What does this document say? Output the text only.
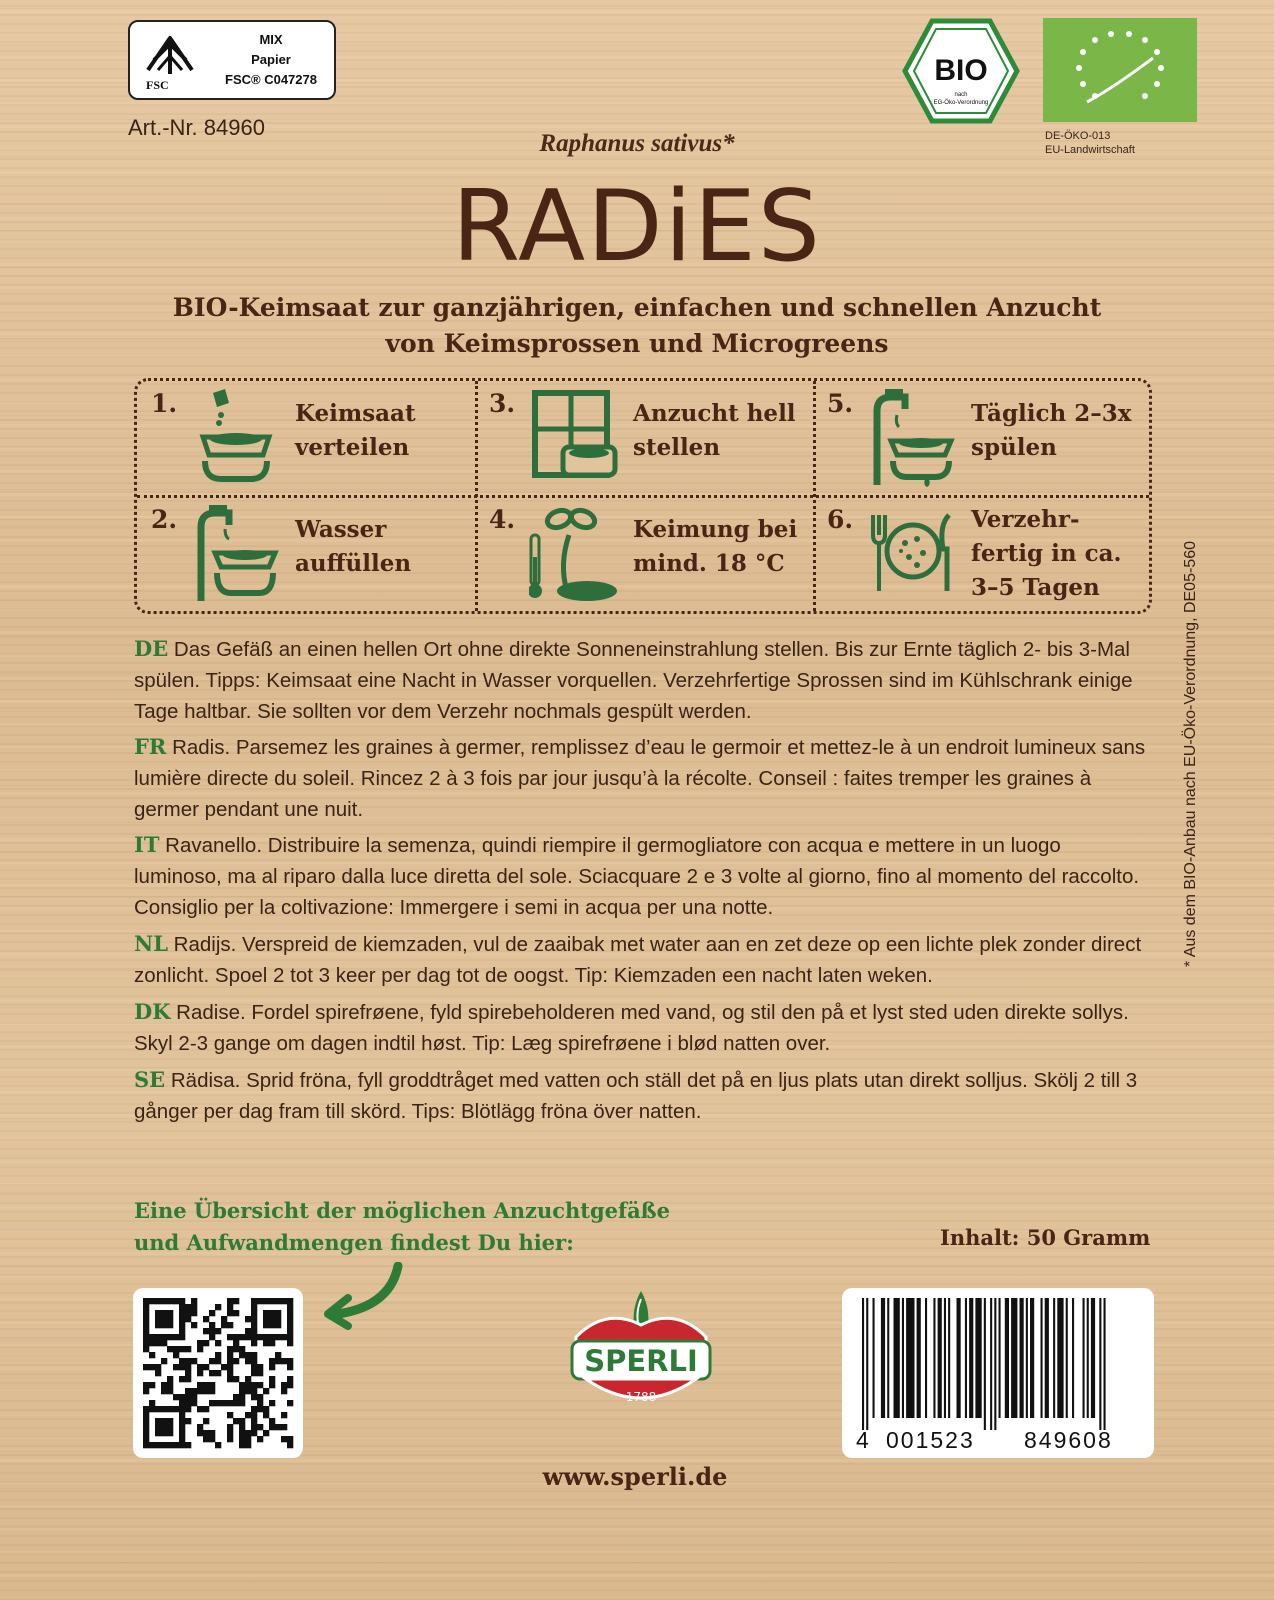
FSC
MIX
Papier
FSC® C047278
Art.-Nr. 84960
BIO
nach
EG-Öko-Verordnung
DE-ÖKO-013
EU-Landwirtschaft
Raphanus sativus*
RADiES
BIO-Keimsaat zur ganzjährigen, einfachen und schnellen Anzucht von Keimsprossen und Microgreens
1.	Keimsaat verteilen
3.	Anzucht hell stellen
5.	Täglich 2–3x spülen
2.	Wasser auffüllen
4.	Keimung bei mind. 18 °C
6.	Verzehr-fertig in ca. 3–5 Tagen
DE Das Gefäß an einen hellen Ort ohne direkte Sonneneinstrahlung stellen. Bis zur Ernte täglich 2- bis 3-Mal spülen. Tipps: Keimsaat eine Nacht in Wasser vorquellen. Verzehrfertige Sprossen sind im Kühlschrank einige Tage haltbar. Sie sollten vor dem Verzehr nochmals gespült werden.
FR Radis. Parsemez les graines à germer, remplissez d’eau le germoir et mettez-le à un endroit lumineux sans lumière directe du soleil. Rincez 2 à 3 fois par jour jusqu’à la récolte. Conseil : faites tremper les graines à germer pendant une nuit.
IT Ravanello. Distribuire la semenza, quindi riempire il germogliatore con acqua e mettere in un luogo luminoso, ma al riparo dalla luce diretta del sole. Sciacquare 2 e 3 volte al giorno, fino al momento del raccolto. Consiglio per la coltivazione: Immergere i semi in acqua per una notte.
NL Radijs. Verspreid de kiemzaden, vul de zaaibak met water aan en zet deze op een lichte plek zonder direct zonlicht. Spoel 2 tot 3 keer per dag tot de oogst. Tip: Kiemzaden een nacht laten weken.
DK Radise. Fordel spirefrøene, fyld spirebeholderen med vand, og stil den på et lyst sted uden direkte sollys. Skyl 2-3 gange om dagen indtil høst. Tip: Læg spirefrøene i blød natten over.
SE Rädisa. Sprid fröna, fyll groddtråget med vatten och ställ det på en ljus plats utan direkt solljus. Skölj 2 till 3 gånger per dag fram till skörd. Tips: Blötlägg fröna över natten.
* Aus dem BIO-Anbau nach EU-Öko-Verordnung, DE05-560
Eine Übersicht der möglichen Anzuchtgefäße
und Aufwandmengen findest Du hier:	Inhalt: 50 Gramm
SPERLI
1788
www.sperli.de
4 001523 849608
